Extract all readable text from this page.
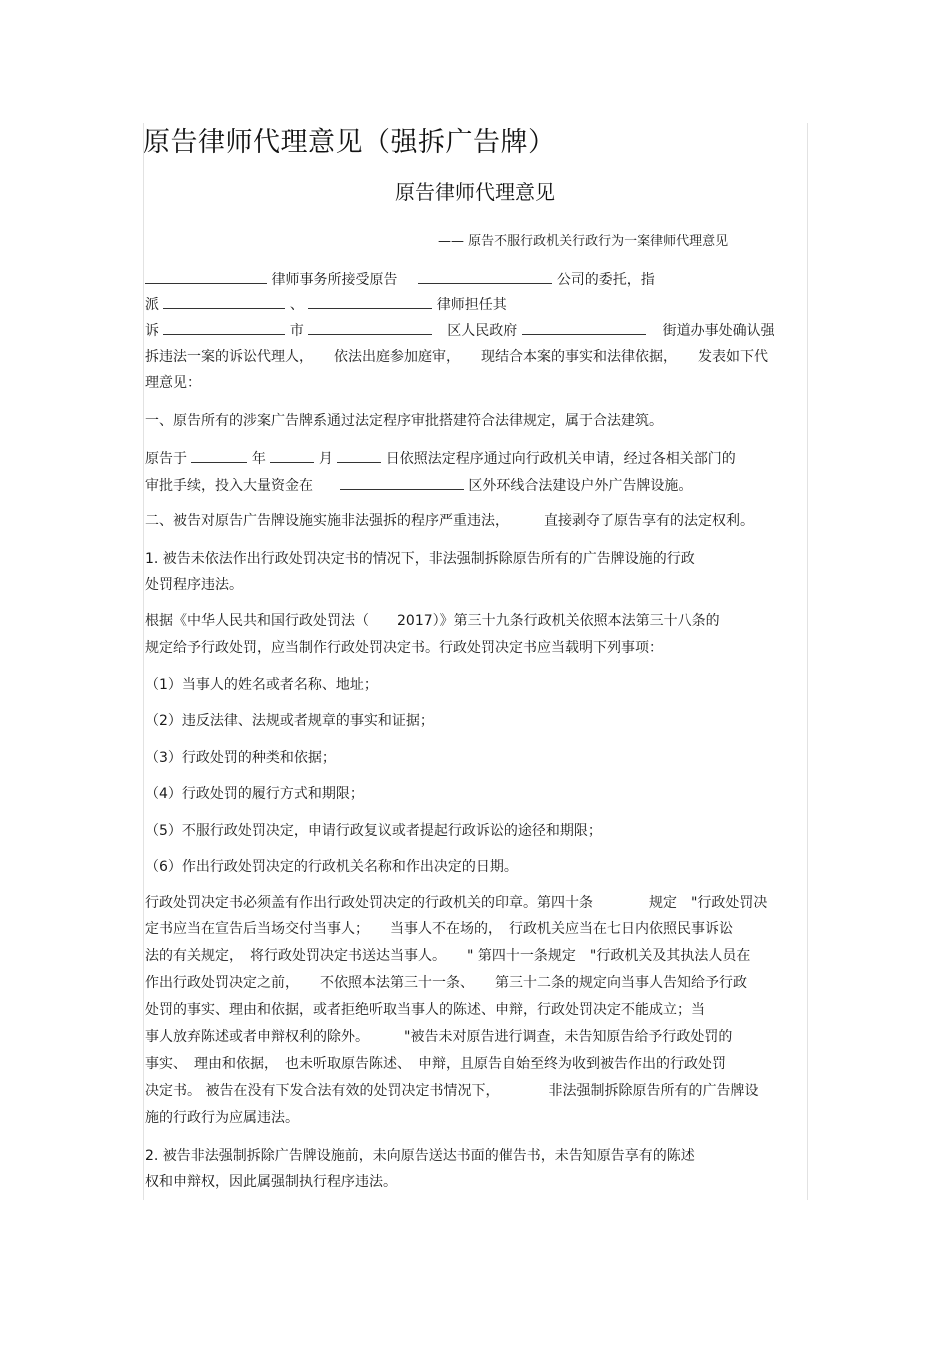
原告律师代理意见（强拆广告牌）
原告律师代理意见
—— 原告不服行政机关行政行为一案律师代理意见
律师事务所接受原告	公司的委托，指
派	、	律师担任其
诉	市	区人民政府	街道办事处确认强
拆违法一案的诉讼代理人，　　依法出庭参加庭审，　　现结合本案的事实和法律依据，　　发表如下代
理意见：
一、原告所有的涉案广告牌系通过法定程序审批搭建符合法律规定，属于合法建筑。
原告于	年	月	日依照法定程序通过向行政机关申请，经过各相关部门的
审批手续，投入大量资金在	区外环线合法建设户外广告牌设施。
二、被告对原告广告牌设施实施非法强拆的程序严重违法，　　　直接剥夺了原告享有的法定权利。
1. 被告未依法作出行政处罚决定书的情况下，非法强制拆除原告所有的广告牌设施的行政
处罚程序违法。
根据《中华人民共和国行政处罚法（　　2017）》第三十九条行政机关依照本法第三十八条的
规定给予行政处罚，应当制作行政处罚决定书。行政处罚决定书应当载明下列事项：
（1）当事人的姓名或者名称、地址；
（2）违反法律、法规或者规章的事实和证据；
（3）行政处罚的种类和依据；
（4）行政处罚的履行方式和期限；
（5）不服行政处罚决定，申请行政复议或者提起行政诉讼的途径和期限；
（6）作出行政处罚决定的行政机关名称和作出决定的日期。
行政处罚决定书必须盖有作出行政处罚决定的行政机关的印章。第四十条　　　　规定　"行政处罚决
定书应当在宣告后当场交付当事人；　　当事人不在场的，　行政机关应当在七日内依照民事诉讼
法的有关规定，　将行政处罚决定书送达当事人。　　" 第四十一条规定　"行政机关及其执法人员在
作出行政处罚决定之前，　　不依照本法第三十一条、　　第三十二条的规定向当事人告知给予行政
处罚的事实、理由和依据，或者拒绝听取当事人的陈述、申辩，行政处罚决定不能成立；当
事人放弃陈述或者申辩权利的除外。　　　"被告未对原告进行调查，未告知原告给予行政处罚的
事实、　理由和依据，　也未听取原告陈述、　申辩，且原告自始至终为收到被告作出的行政处罚
决定书。 被告在没有下发合法有效的处罚决定书情况下，　　　　非法强制拆除原告所有的广告牌设
施的行政行为应属违法。
2. 被告非法强制拆除广告牌设施前，未向原告送达书面的催告书，未告知原告享有的陈述
权和申辩权，因此属强制执行程序违法。
